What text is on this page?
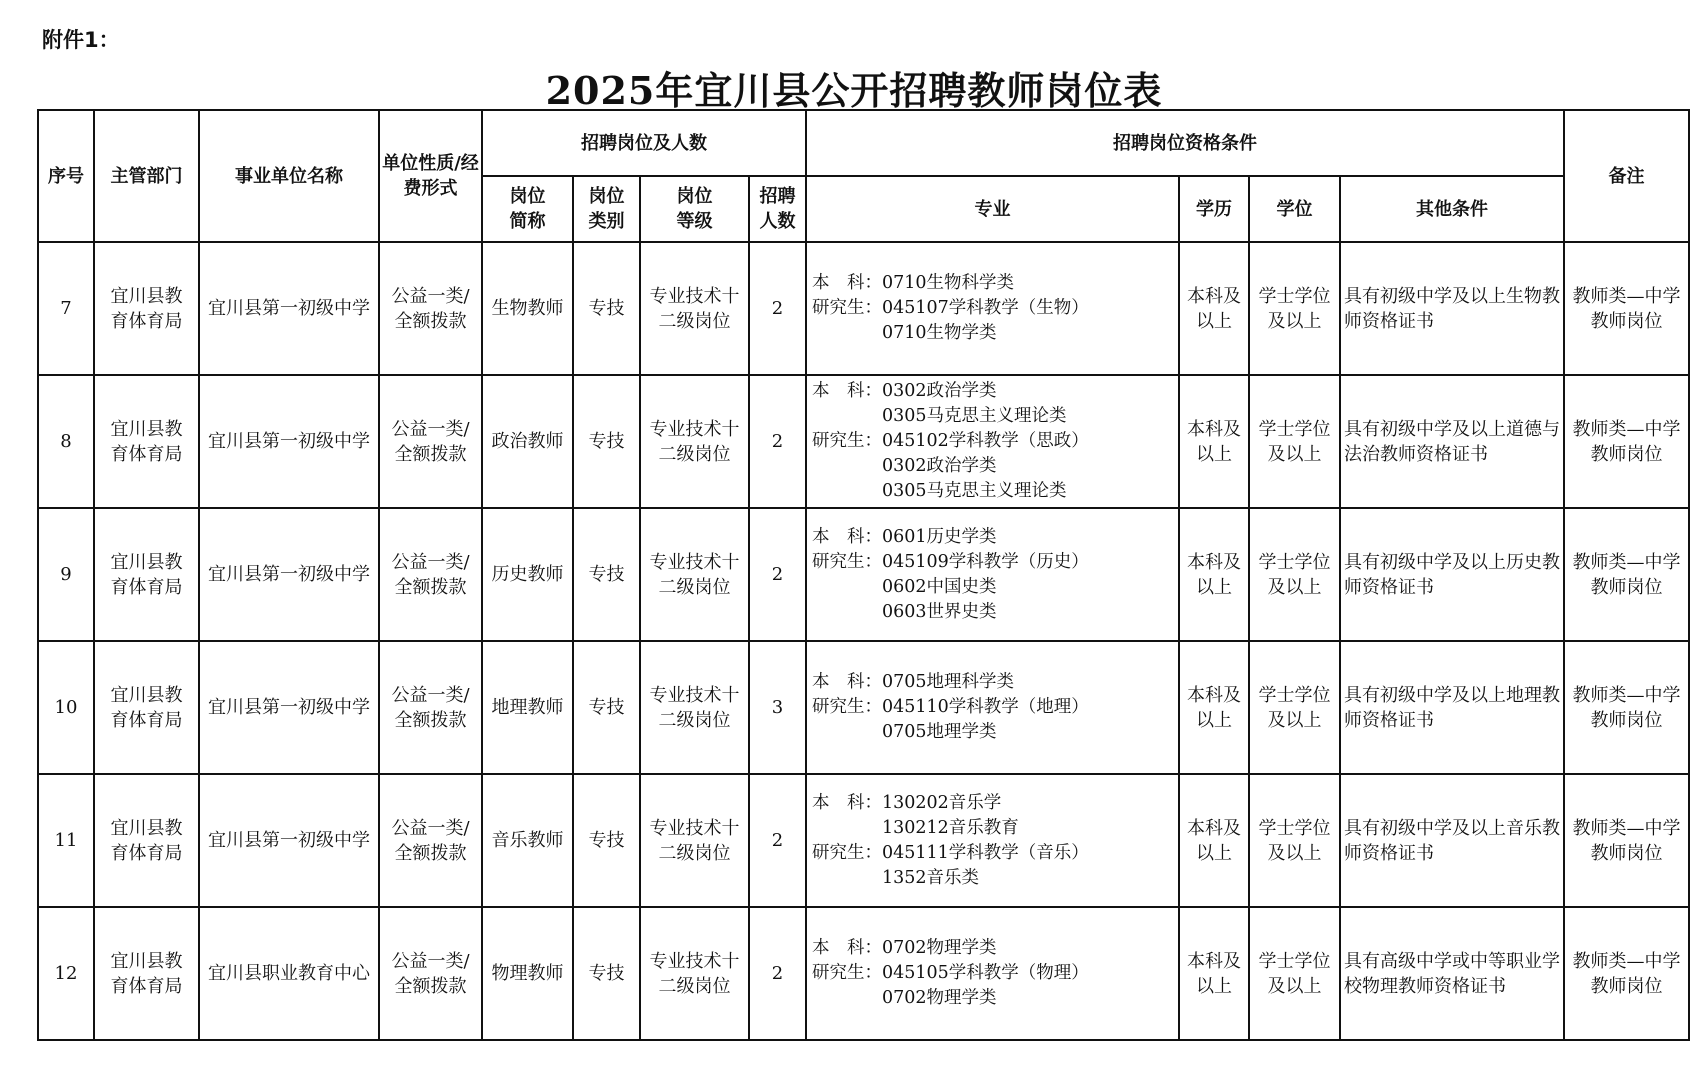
附件1：
2025年宜川县公开招聘教师岗位表
序号	主管部门	事业单位名称	单位性质/经费形式	招聘岗位及人数				招聘岗位资格条件				备注
				岗位简称	岗位类别	岗位等级	招聘人数	专业	学历	学位	其他条件	
7	宜川县教育体育局	宜川县第一初级中学	公益一类/全额拨款	生物教师	专技	专业技术十二级岗位	2	本　科：0710生物科学类
研究生：045107学科教学（生物）
　　　　0710生物学类	本科及以上	学士学位及以上	具有初级中学及以上生物教师资格证书	教师类—中学教师岗位
8	宜川县教育体育局	宜川县第一初级中学	公益一类/全额拨款	政治教师	专技	专业技术十二级岗位	2	本　科：0302政治学类
　　　　0305马克思主义理论类
研究生：045102学科教学（思政）
　　　　0302政治学类
　　　　0305马克思主义理论类	本科及以上	学士学位及以上	具有初级中学及以上道德与法治教师资格证书	教师类—中学教师岗位
9	宜川县教育体育局	宜川县第一初级中学	公益一类/全额拨款	历史教师	专技	专业技术十二级岗位	2	本　科：0601历史学类
研究生：045109学科教学（历史）
　　　　0602中国史类
　　　　0603世界史类	本科及以上	学士学位及以上	具有初级中学及以上历史教师资格证书	教师类—中学教师岗位
10	宜川县教育体育局	宜川县第一初级中学	公益一类/全额拨款	地理教师	专技	专业技术十二级岗位	3	本　科：0705地理科学类
研究生：045110学科教学（地理）
　　　　0705地理学类	本科及以上	学士学位及以上	具有初级中学及以上地理教师资格证书	教师类—中学教师岗位
11	宜川县教育体育局	宜川县第一初级中学	公益一类/全额拨款	音乐教师	专技	专业技术十二级岗位	2	本　科：130202音乐学
　　　　130212音乐教育
研究生：045111学科教学（音乐）
　　　　1352音乐类	本科及以上	学士学位及以上	具有初级中学及以上音乐教师资格证书	教师类—中学教师岗位
12	宜川县教育体育局	宜川县职业教育中心	公益一类/全额拨款	物理教师	专技	专业技术十二级岗位	2	本　科：0702物理学类
研究生：045105学科教学（物理）
　　　　0702物理学类	本科及以上	学士学位及以上	具有高级中学或中等职业学校物理教师资格证书	教师类—中学教师岗位
